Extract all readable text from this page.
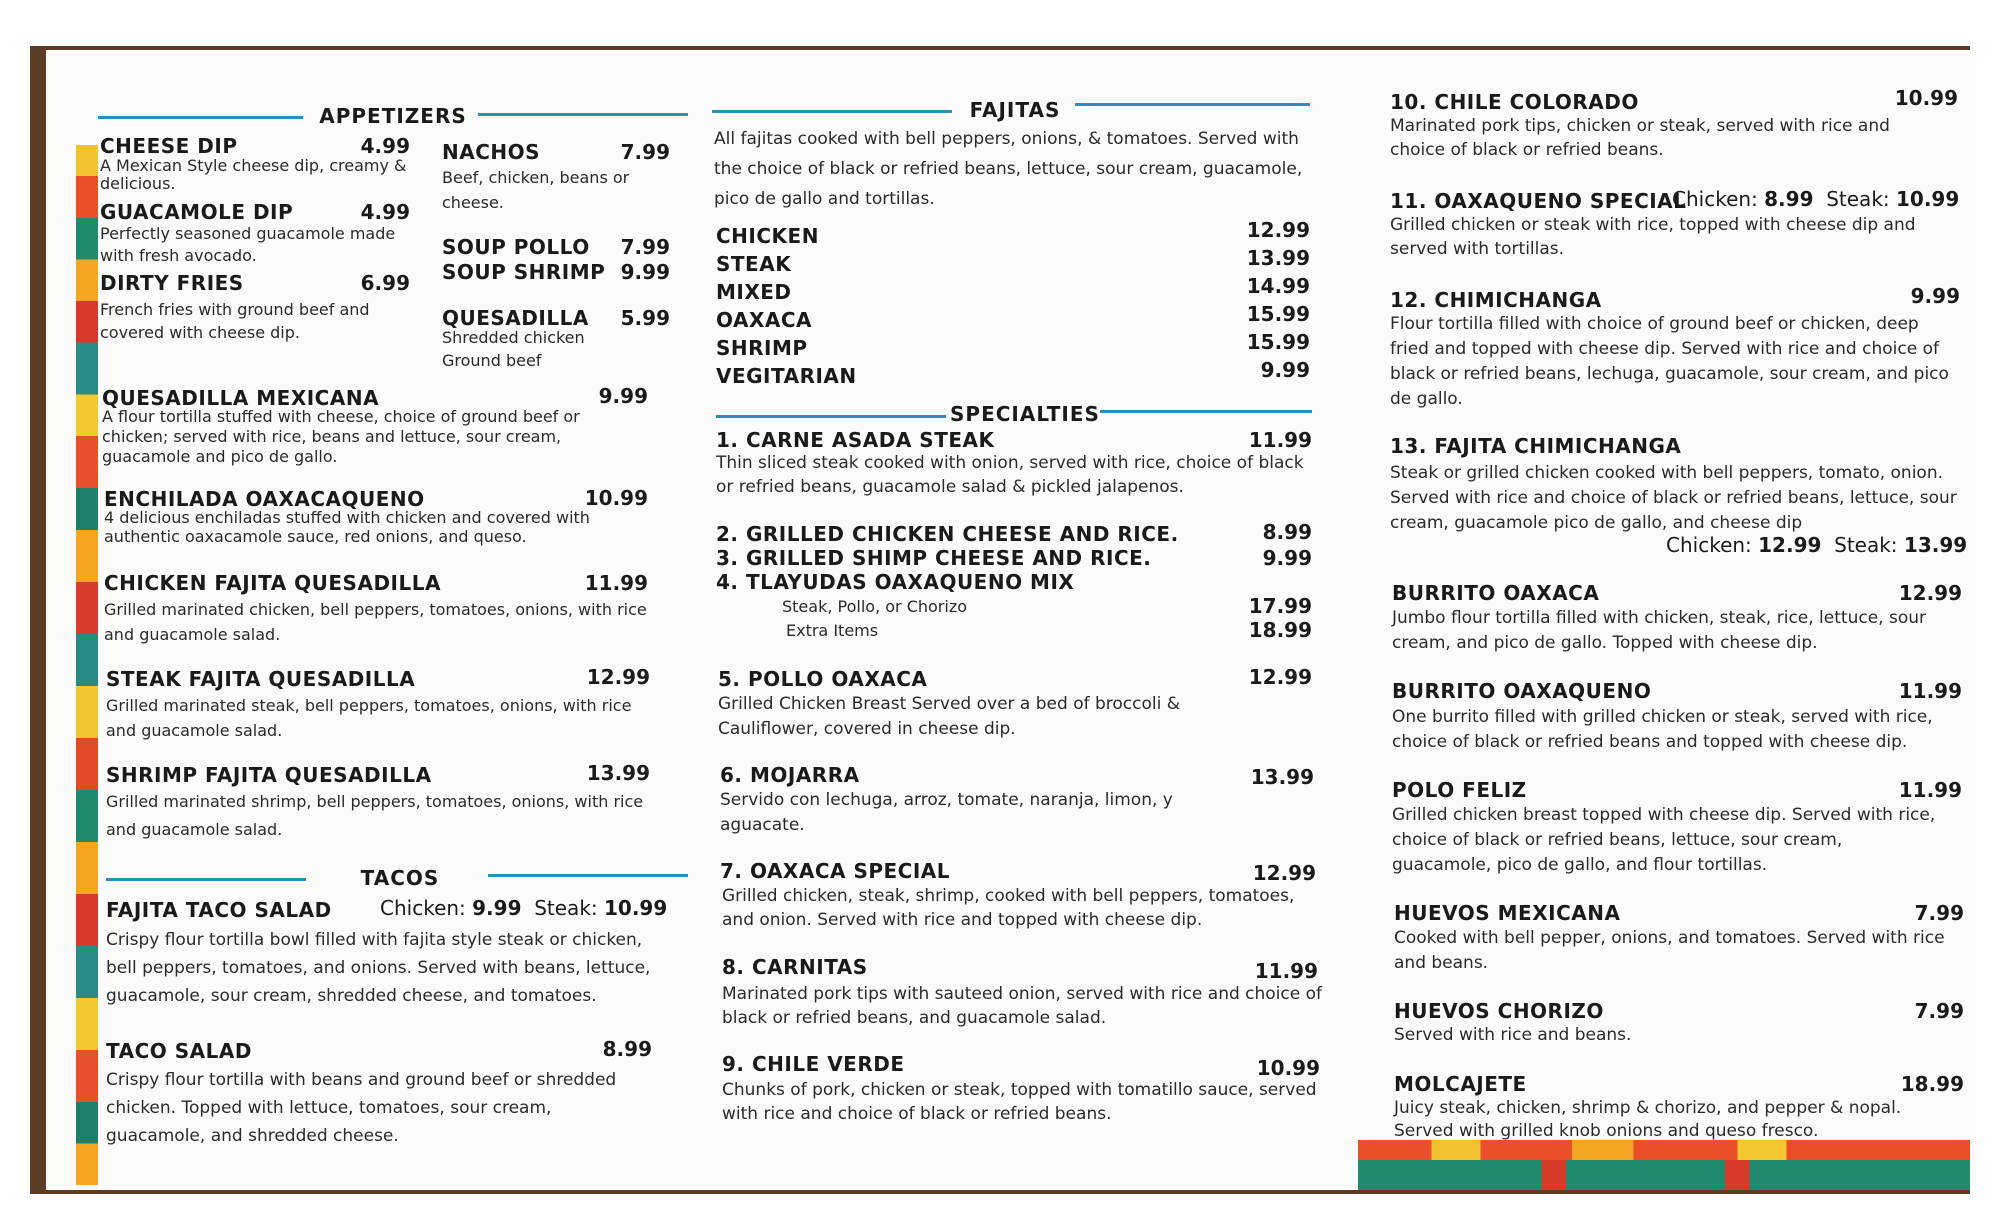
APPETIZERS
CHEESE DIP	4.99
A Mexican Style cheese dip, creamy & delicious.
GUACAMOLE DIP	4.99
Perfectly seasoned guacamole made with fresh avocado.
DIRTY FRIES	6.99
French fries with ground beef and covered with cheese dip.
NACHOS	7.99
Beef, chicken, beans or cheese.
SOUP POLLO	7.99
SOUP SHRIMP 9.99
QUESADILLA	5.99
Shredded chicken
Ground beef
QUESADILLA MEXICANA	9.99
A flour tortilla stuffed with cheese, choice of ground beef or chicken; served with rice, beans and lettuce, sour cream, guacamole and pico de gallo.
ENCHILADA OAXACAQUENO	10.99
4 delicious enchiladas stuffed with chicken and covered with authentic oaxacamole sauce, red onions, and queso.
CHICKEN FAJITA QUESADILLA	11.99
Grilled marinated chicken, bell peppers, tomatoes, onions, with rice and guacamole salad.
STEAK FAJITA QUESADILLA	12.99
Grilled marinated steak, bell peppers, tomatoes, onions, with rice and guacamole salad.
SHRIMP FAJITA QUESADILLA	13.99
Grilled marinated shrimp, bell peppers, tomatoes, onions, with rice and guacamole salad.
TACOS
FAJITA TACO SALAD Chicken: 9.99 Steak: 10.99
Crispy flour tortilla bowl filled with fajita style steak or chicken, bell peppers, tomatoes, and onions. Served with beans, lettuce, guacamole, sour cream, shredded cheese, and tomatoes.
TACO SALAD	8.99
Crispy flour tortilla with beans and ground beef or shredded chicken. Topped with lettuce, tomatoes, sour cream, guacamole, and shredded cheese.
FAJITAS
All fajitas cooked with bell peppers, onions, & tomatoes. Served with the choice of black or refried beans, lettuce, sour cream, guacamole, pico de gallo and tortillas.
CHICKEN	12.99
STEAK	13.99
MIXED	14.99
OAXACA	15.99
SHRIMP	15.99
VEGITARIAN	9.99
SPECIALTIES
1. CARNE ASADA STEAK	11.99
Thin sliced steak cooked with onion, served with rice, choice of black or refried beans, guacamole salad & pickled jalapenos.
2. GRILLED CHICKEN CHEESE AND RICE.	8.99
3. GRILLED SHIMP CHEESE AND RICE.	9.99
4. TLAYUDAS OAXAQUENO MIX
Steak, Pollo, or Chorizo	17.99
Extra Items	18.99
5. POLLO OAXACA	12.99
Grilled Chicken Breast Served over a bed of broccoli & Cauliflower, covered in cheese dip.
6. MOJARRA	13.99
Servido con lechuga, arroz, tomate, naranja, limon, y aguacate.
7. OAXACA SPECIAL	12.99
Grilled chicken, steak, shrimp, cooked with bell peppers, tomatoes, and onion. Served with rice and topped with cheese dip.
8. CARNITAS	11.99
Marinated pork tips with sauteed onion, served with rice and choice of black or refried beans, and guacamole salad.
9. CHILE VERDE	10.99
Chunks of pork, chicken or steak, topped with tomatillo sauce, served with rice and choice of black or refried beans.
10. CHILE COLORADO	10.99
Marinated pork tips, chicken or steak, served with rice and choice of black or refried beans.
11. OAXAQUENO SPECIAL
Chicken: 8.99 Steak: 10.99
Grilled chicken or steak with rice, topped with cheese dip and served with tortillas.
12. CHIMICHANGA	9.99
Flour tortilla filled with choice of ground beef or chicken, deep fried and topped with cheese dip. Served with rice and choice of black or refried beans, lechuga, guacamole, sour cream, and pico de gallo.
13. FAJITA CHIMICHANGA
Steak or grilled chicken cooked with bell peppers, tomato, onion. Served with rice and choice of black or refried beans, lettuce, sour cream, guacamole pico de gallo, and cheese dip
Chicken: 12.99 Steak: 13.99
BURRITO OAXACA	12.99
Jumbo flour tortilla filled with chicken, steak, rice, lettuce, sour cream, and pico de gallo. Topped with cheese dip.
BURRITO OAXAQUENO	11.99
One burrito filled with grilled chicken or steak, served with rice, choice of black or refried beans and topped with cheese dip.
POLO FELIZ	11.99
Grilled chicken breast topped with cheese dip. Served with rice, choice of black or refried beans, lettuce, sour cream, guacamole, pico de gallo, and flour tortillas.
HUEVOS MEXICANA	7.99
Cooked with bell pepper, onions, and tomatoes. Served with rice and beans.
HUEVOS CHORIZO	7.99
Served with rice and beans.
MOLCAJETE	18.99
Juicy steak, chicken, shrimp & chorizo, and pepper & nopal. Served with grilled knob onions and queso fresco.
